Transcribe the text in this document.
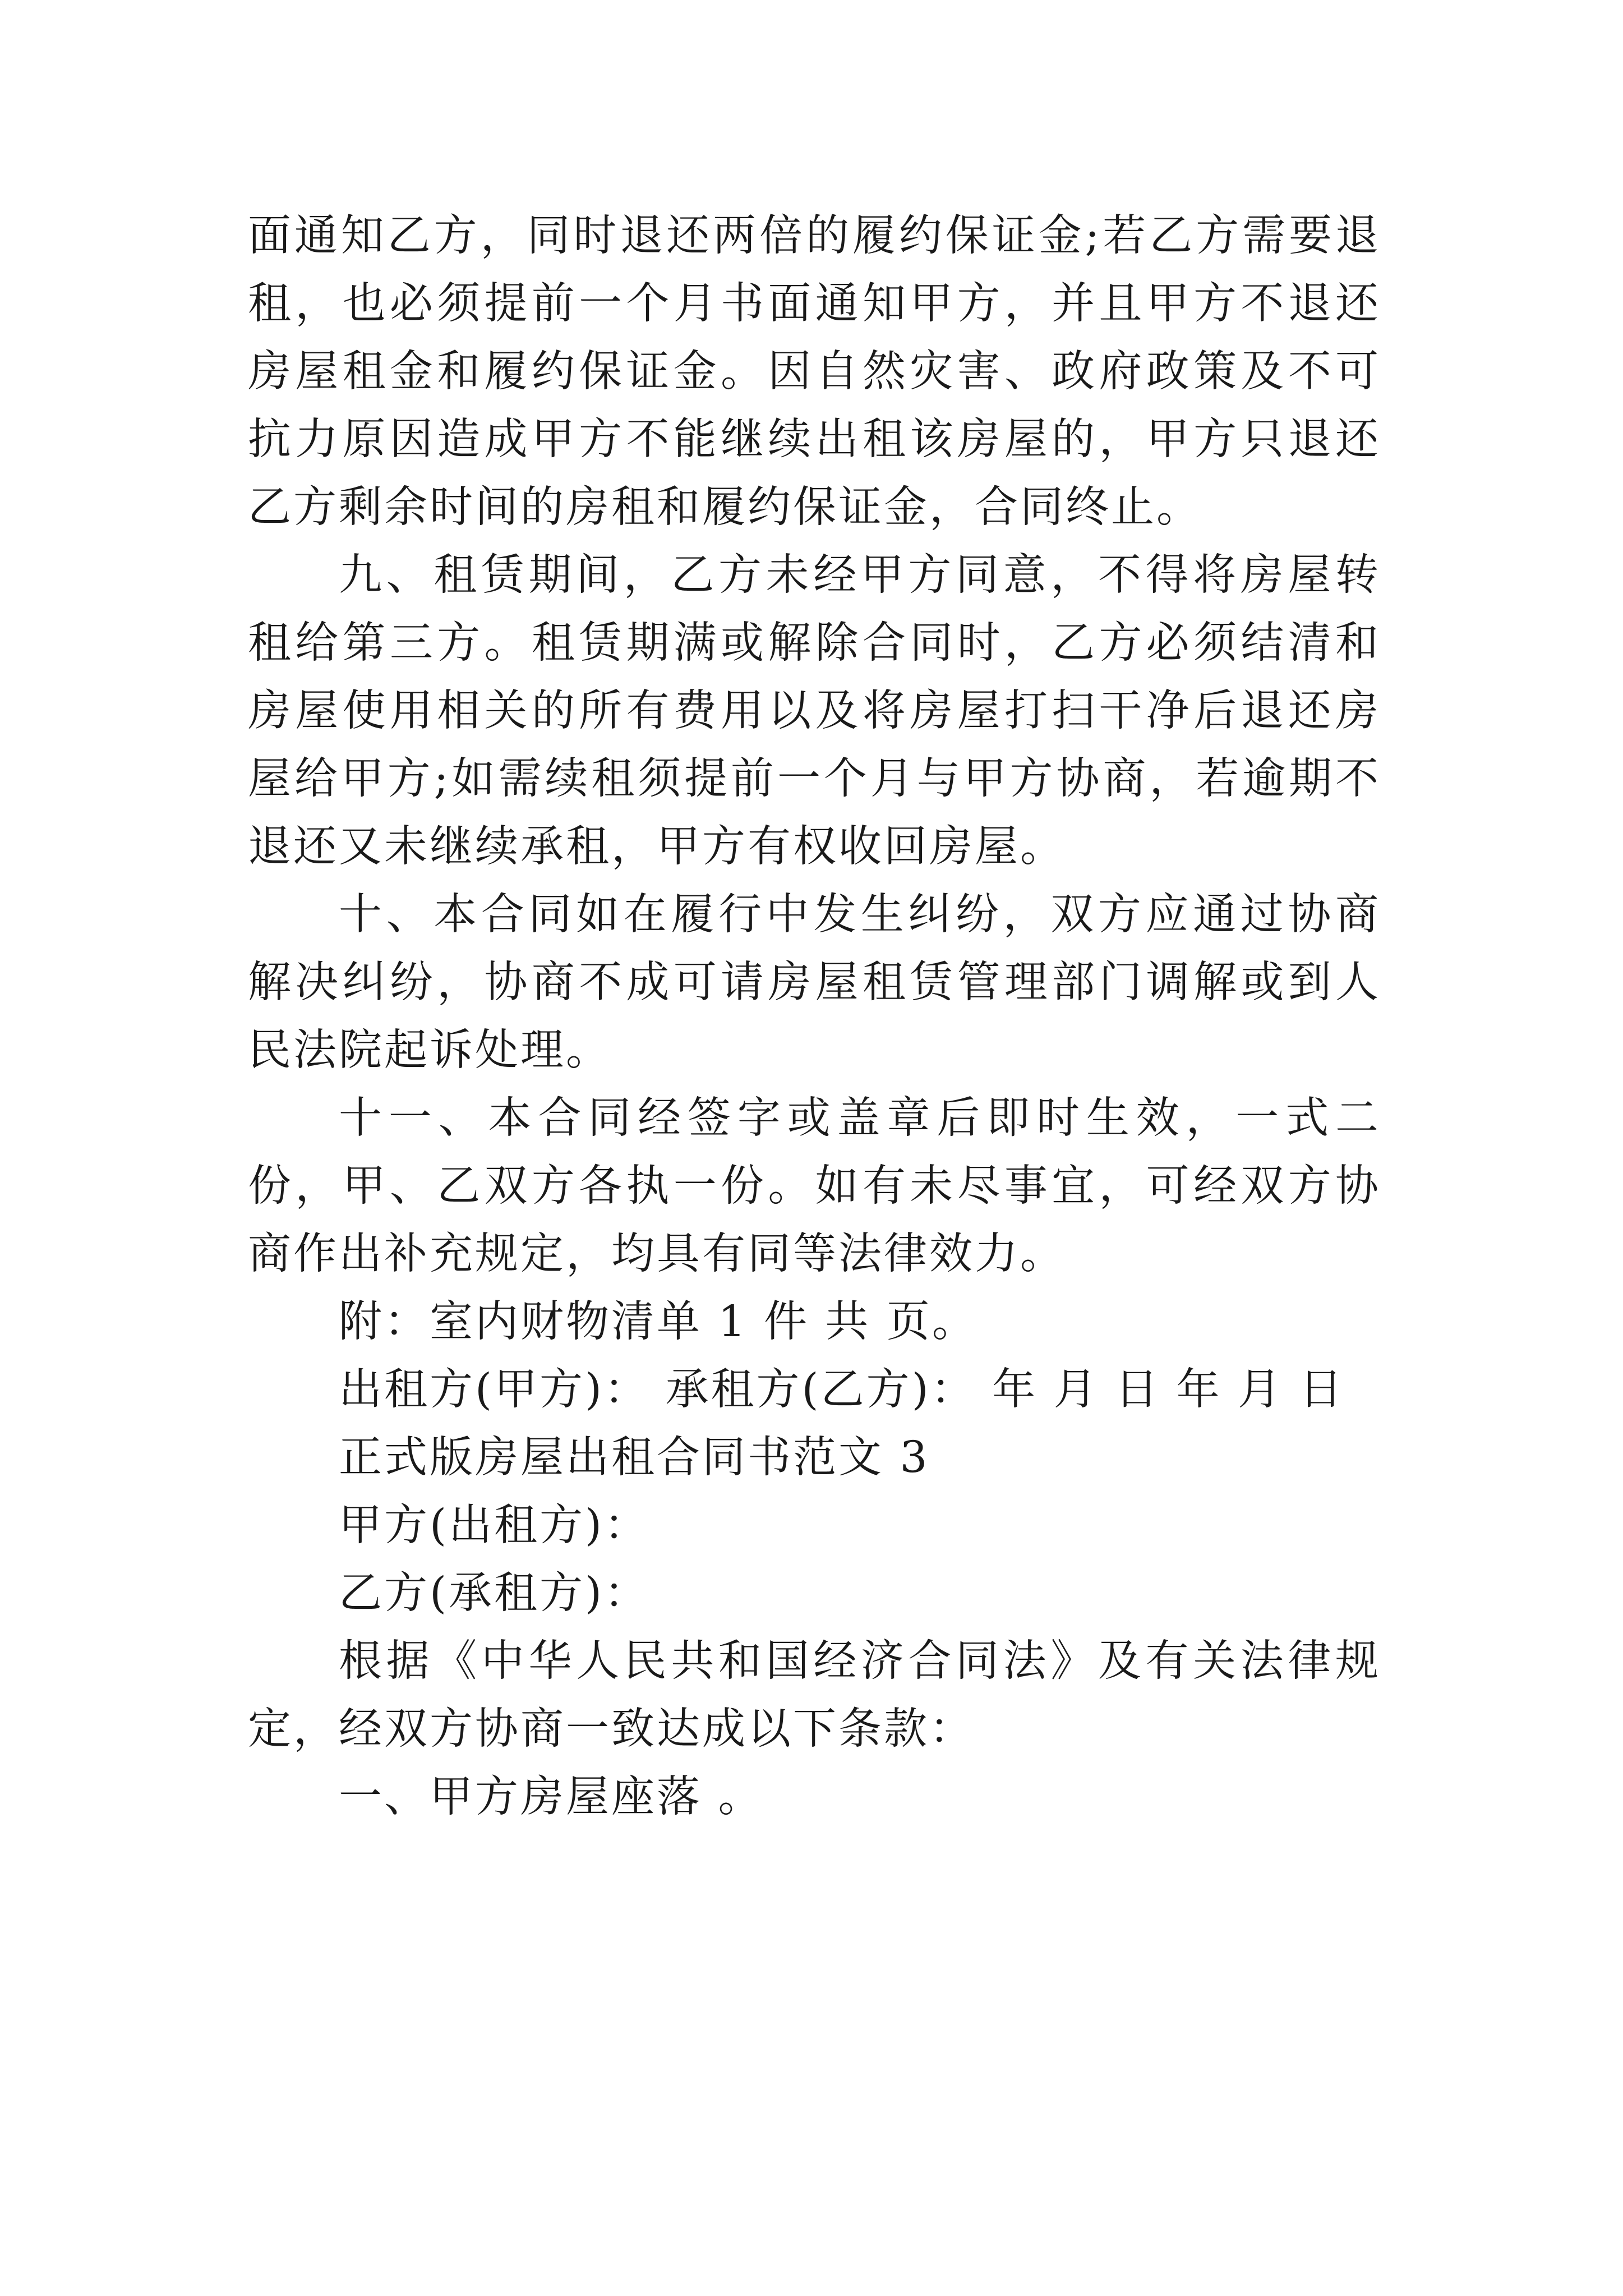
面通知乙方，同时退还两倍的履约保证金;若乙方需要退租，也必须提前一个月书面通知甲方，并且甲方不退还房屋租金和履约保证金。因自然灾害、政府政策及不可抗力原因造成甲方不能继续出租该房屋的，甲方只退还乙方剩余时间的房租和履约保证金，合同终止。

九、租赁期间，乙方未经甲方同意，不得将房屋转租给第三方。租赁期满或解除合同时，乙方必须结清和房屋使用相关的所有费用以及将房屋打扫干净后退还房屋给甲方;如需续租须提前一个月与甲方协商，若逾期不退还又未继续承租，甲方有权收回房屋。

十、本合同如在履行中发生纠纷，双方应通过协商解决纠纷，协商不成可请房屋租赁管理部门调解或到人民法院起诉处理。

十一、本合同经签字或盖章后即时生效，一式二份，甲、乙双方各执一份。如有未尽事宜，可经双方协商作出补充规定，均具有同等法律效力。

附：室内财物清单 1 件 共 页。

出租方(甲方)： 承租方(乙方)： 年 月 日 年 月 日

正式版房屋出租合同书范文 3

甲方(出租方)：

乙方(承租方)：

根据《中华人民共和国经济合同法》及有关法律规定，经双方协商一致达成以下条款：

一、甲方房屋座落 。
